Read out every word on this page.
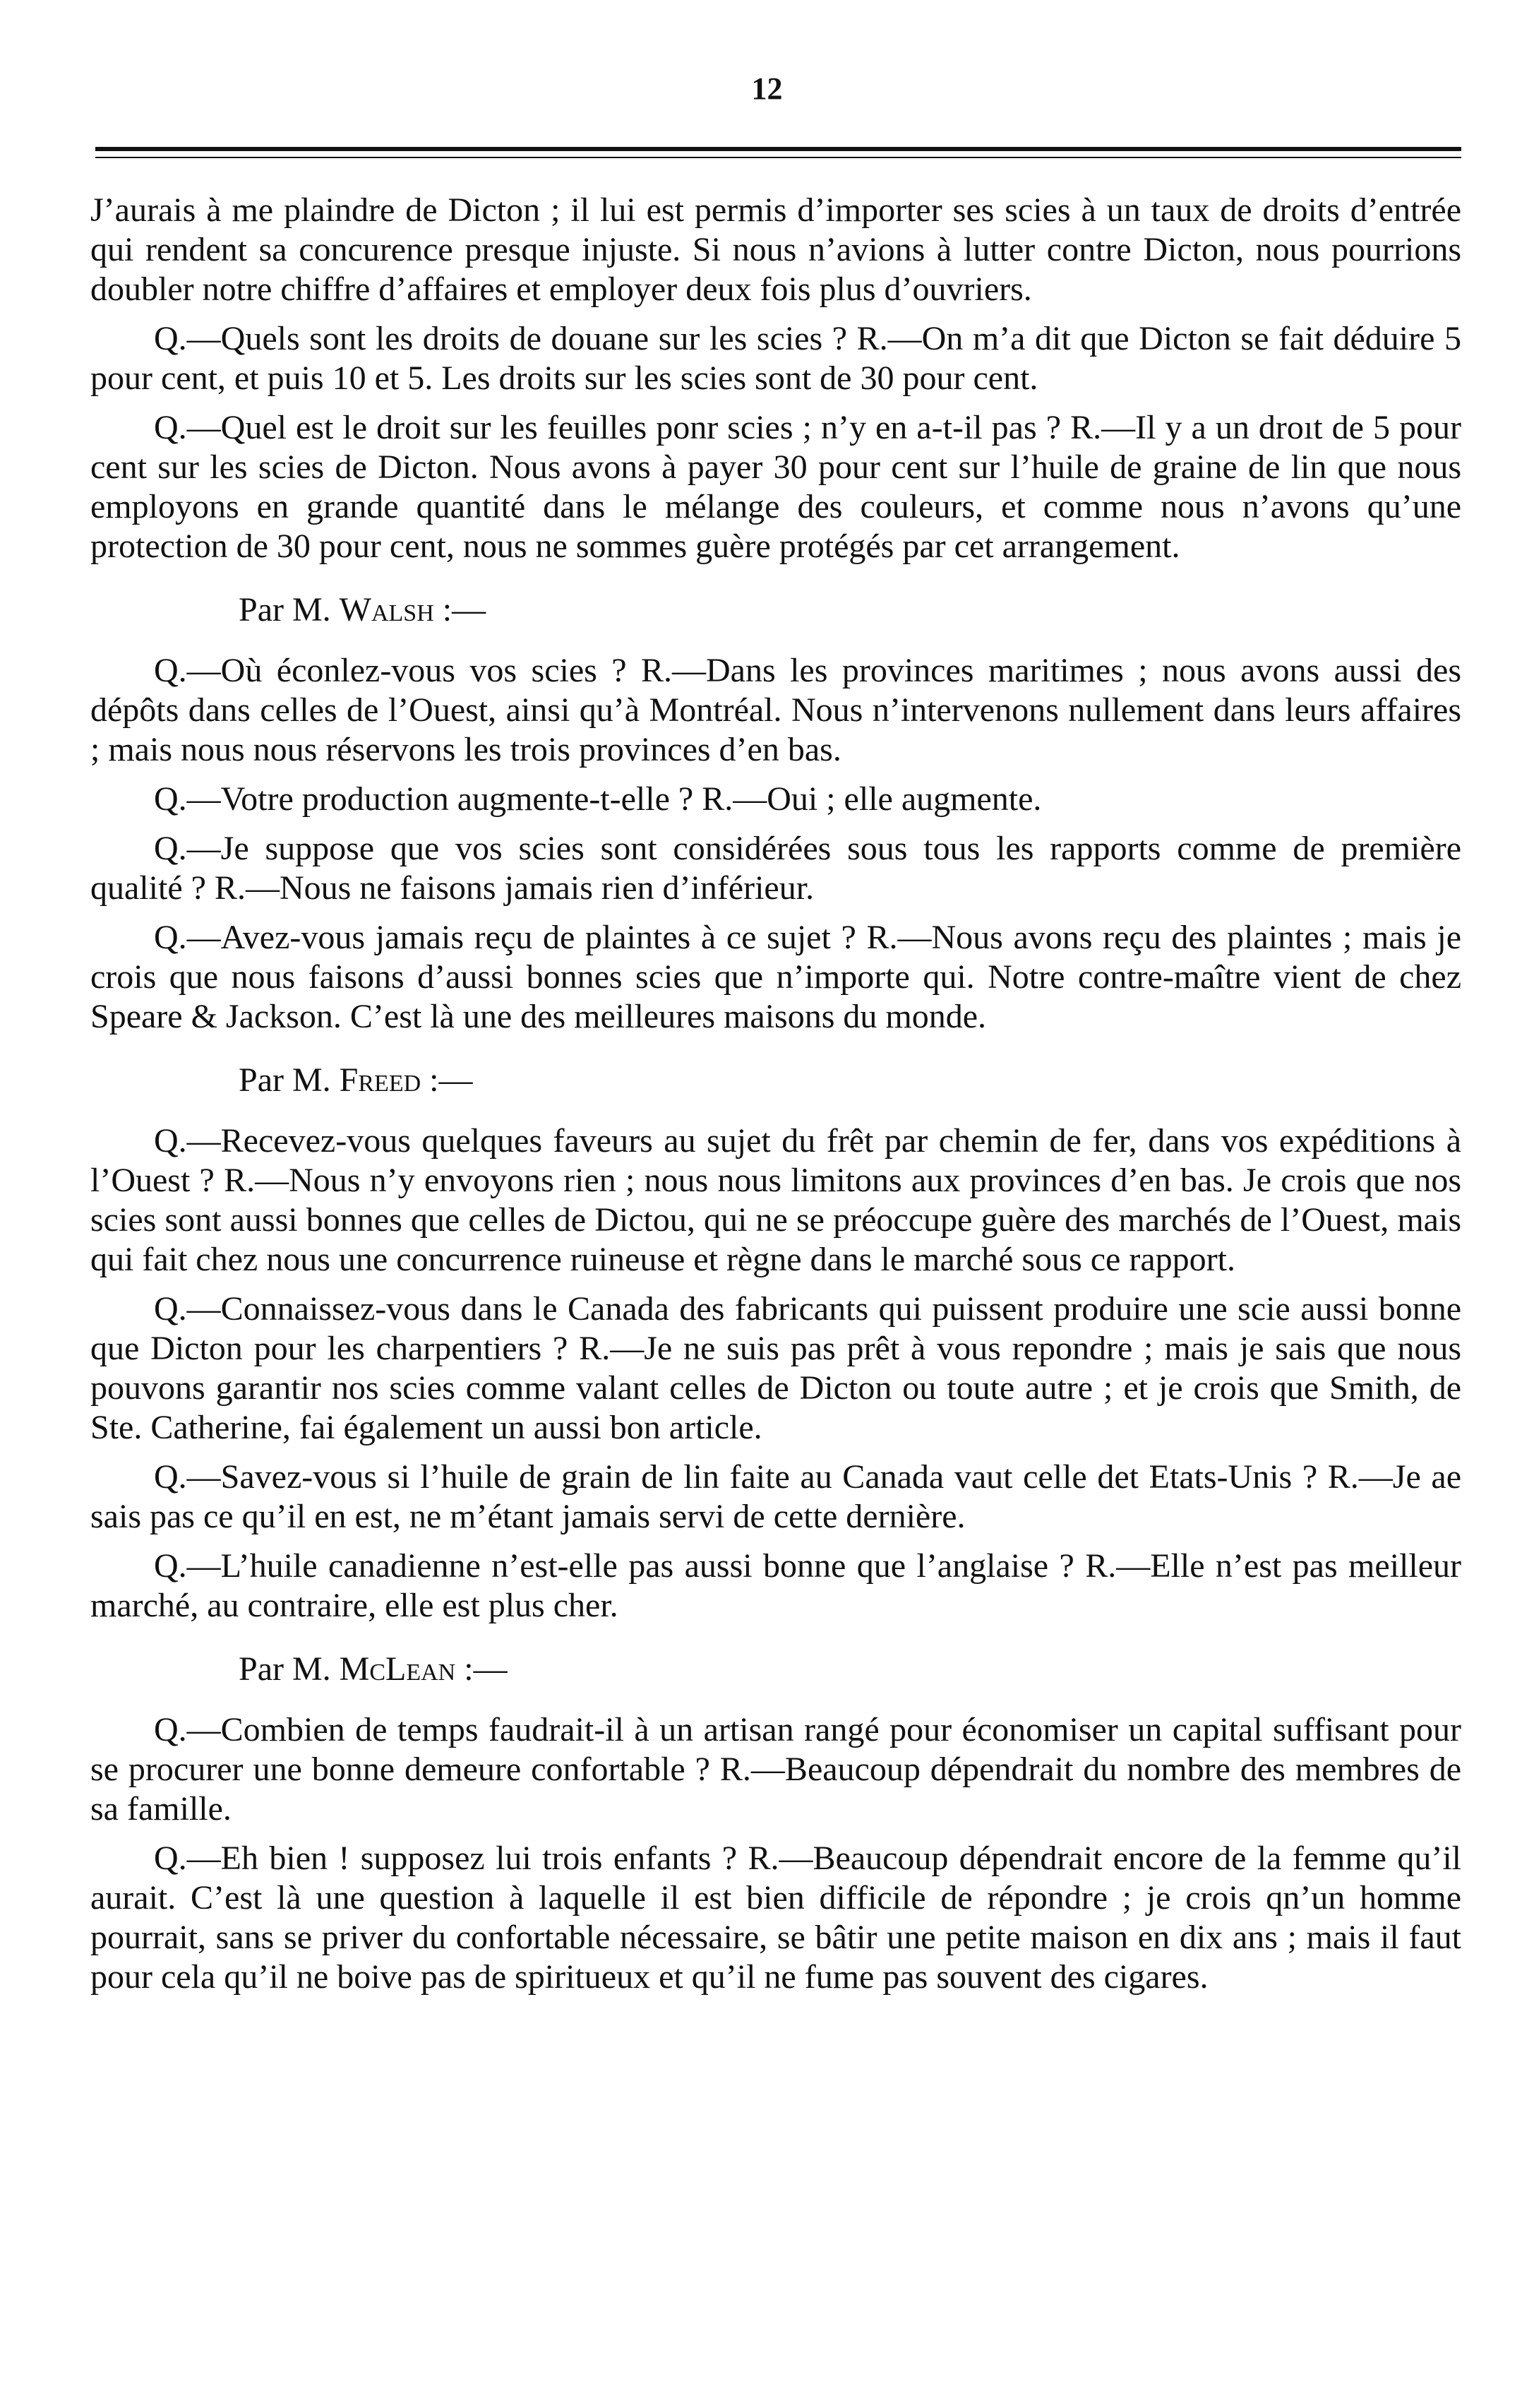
12

J’aurais à me plaindre de Dicton ; il lui est permis d’importer ses scies à un taux de droits d’entrée qui rendent sa concurence presque injuste. Si nous n’avions à lutter contre Dicton, nous pourrions doubler notre chiffre d’affaires et employer deux fois plus d’ouvriers.

Q.—Quels sont les droits de douane sur les scies ? R.—On m’a dit que Dicton se fait déduire 5 pour cent, et puis 10 et 5. Les droits sur les scies sont de 30 pour cent.

Q.—Quel est le droit sur les feuilles ponr scies ; n’y en a-t-il pas ? R.—Il y a un droıt de 5 pour cent sur les scies de Dicton. Nous avons à payer 30 pour cent sur l’huile de graine de lin que nous employons en grande quantité dans le mélange des couleurs, et comme nous n’avons qu’une protection de 30 pour cent, nous ne sommes guère protégés par cet arrangement.

Par M. Walsh :—

Q.—Où éconlez-vous vos scies ? R.—Dans les provinces maritimes ; nous avons aussi des dépôts dans celles de l’Ouest, ainsi qu’à Montréal. Nous n’intervenons nullement dans leurs affaires ; mais nous nous réservons les trois provinces d’en bas.

Q.—Votre production augmente-t-elle ? R.—Oui ; elle augmente.

Q.—Je suppose que vos scies sont considérées sous tous les rapports comme de première qualité ? R.—Nous ne faisons jamais rien d’inférieur.

Q.—Avez-vous jamais reçu de plaintes à ce sujet ? R.—Nous avons reçu des plaintes ; mais je crois que nous faisons d’aussi bonnes scies que n’importe qui. Notre contre-maître vient de chez Speare & Jackson. C’est là une des meilleures maisons du monde.

Par M. Freed :—

Q.—Recevez-vous quelques faveurs au sujet du frêt par chemin de fer, dans vos expéditions à l’Ouest ? R.—Nous n’y envoyons rien ; nous nous limitons aux provinces d’en bas. Je crois que nos scies sont aussi bonnes que celles de Dictou, qui ne se préoccupe guère des marchés de l’Ouest, mais qui fait chez nous une concurrence ruineuse et règne dans le marché sous ce rapport.

Q.—Connaissez-vous dans le Canada des fabricants qui puissent produire une scie aussi bonne que Dicton pour les charpentiers ? R.—Je ne suis pas prêt à vous repondre ; mais je sais que nous pouvons garantir nos scies comme valant celles de Dicton ou toute autre ; et je crois que Smith, de Ste. Catherine, fai également un aussi bon article.

Q.—Savez-vous si l’huile de grain de lin faite au Canada vaut celle det Etats-Unis ? R.—Je ae sais pas ce qu’il en est, ne m’étant jamais servi de cette dernière.

Q.—L’huile canadienne n’est-elle pas aussi bonne que l’anglaise ? R.—Elle n’est pas meilleur marché, au contraire, elle est plus cher.

Par M. McLean :—

Q.—Combien de temps faudrait-il à un artisan rangé pour économiser un capital suffisant pour se procurer une bonne demeure confortable ? R.—Beaucoup dépendrait du nombre des membres de sa famille.

Q.—Eh bien ! supposez lui trois enfants ? R.—Beaucoup dépendrait encore de la femme qu’il aurait. C’est là une question à laquelle il est bien difficile de répondre ; je crois qn’un homme pourrait, sans se priver du confortable nécessaire, se bâtir une petite maison en dix ans ; mais il faut pour cela qu’il ne boive pas de spiritueux et qu’il ne fume pas souvent des cigares.
